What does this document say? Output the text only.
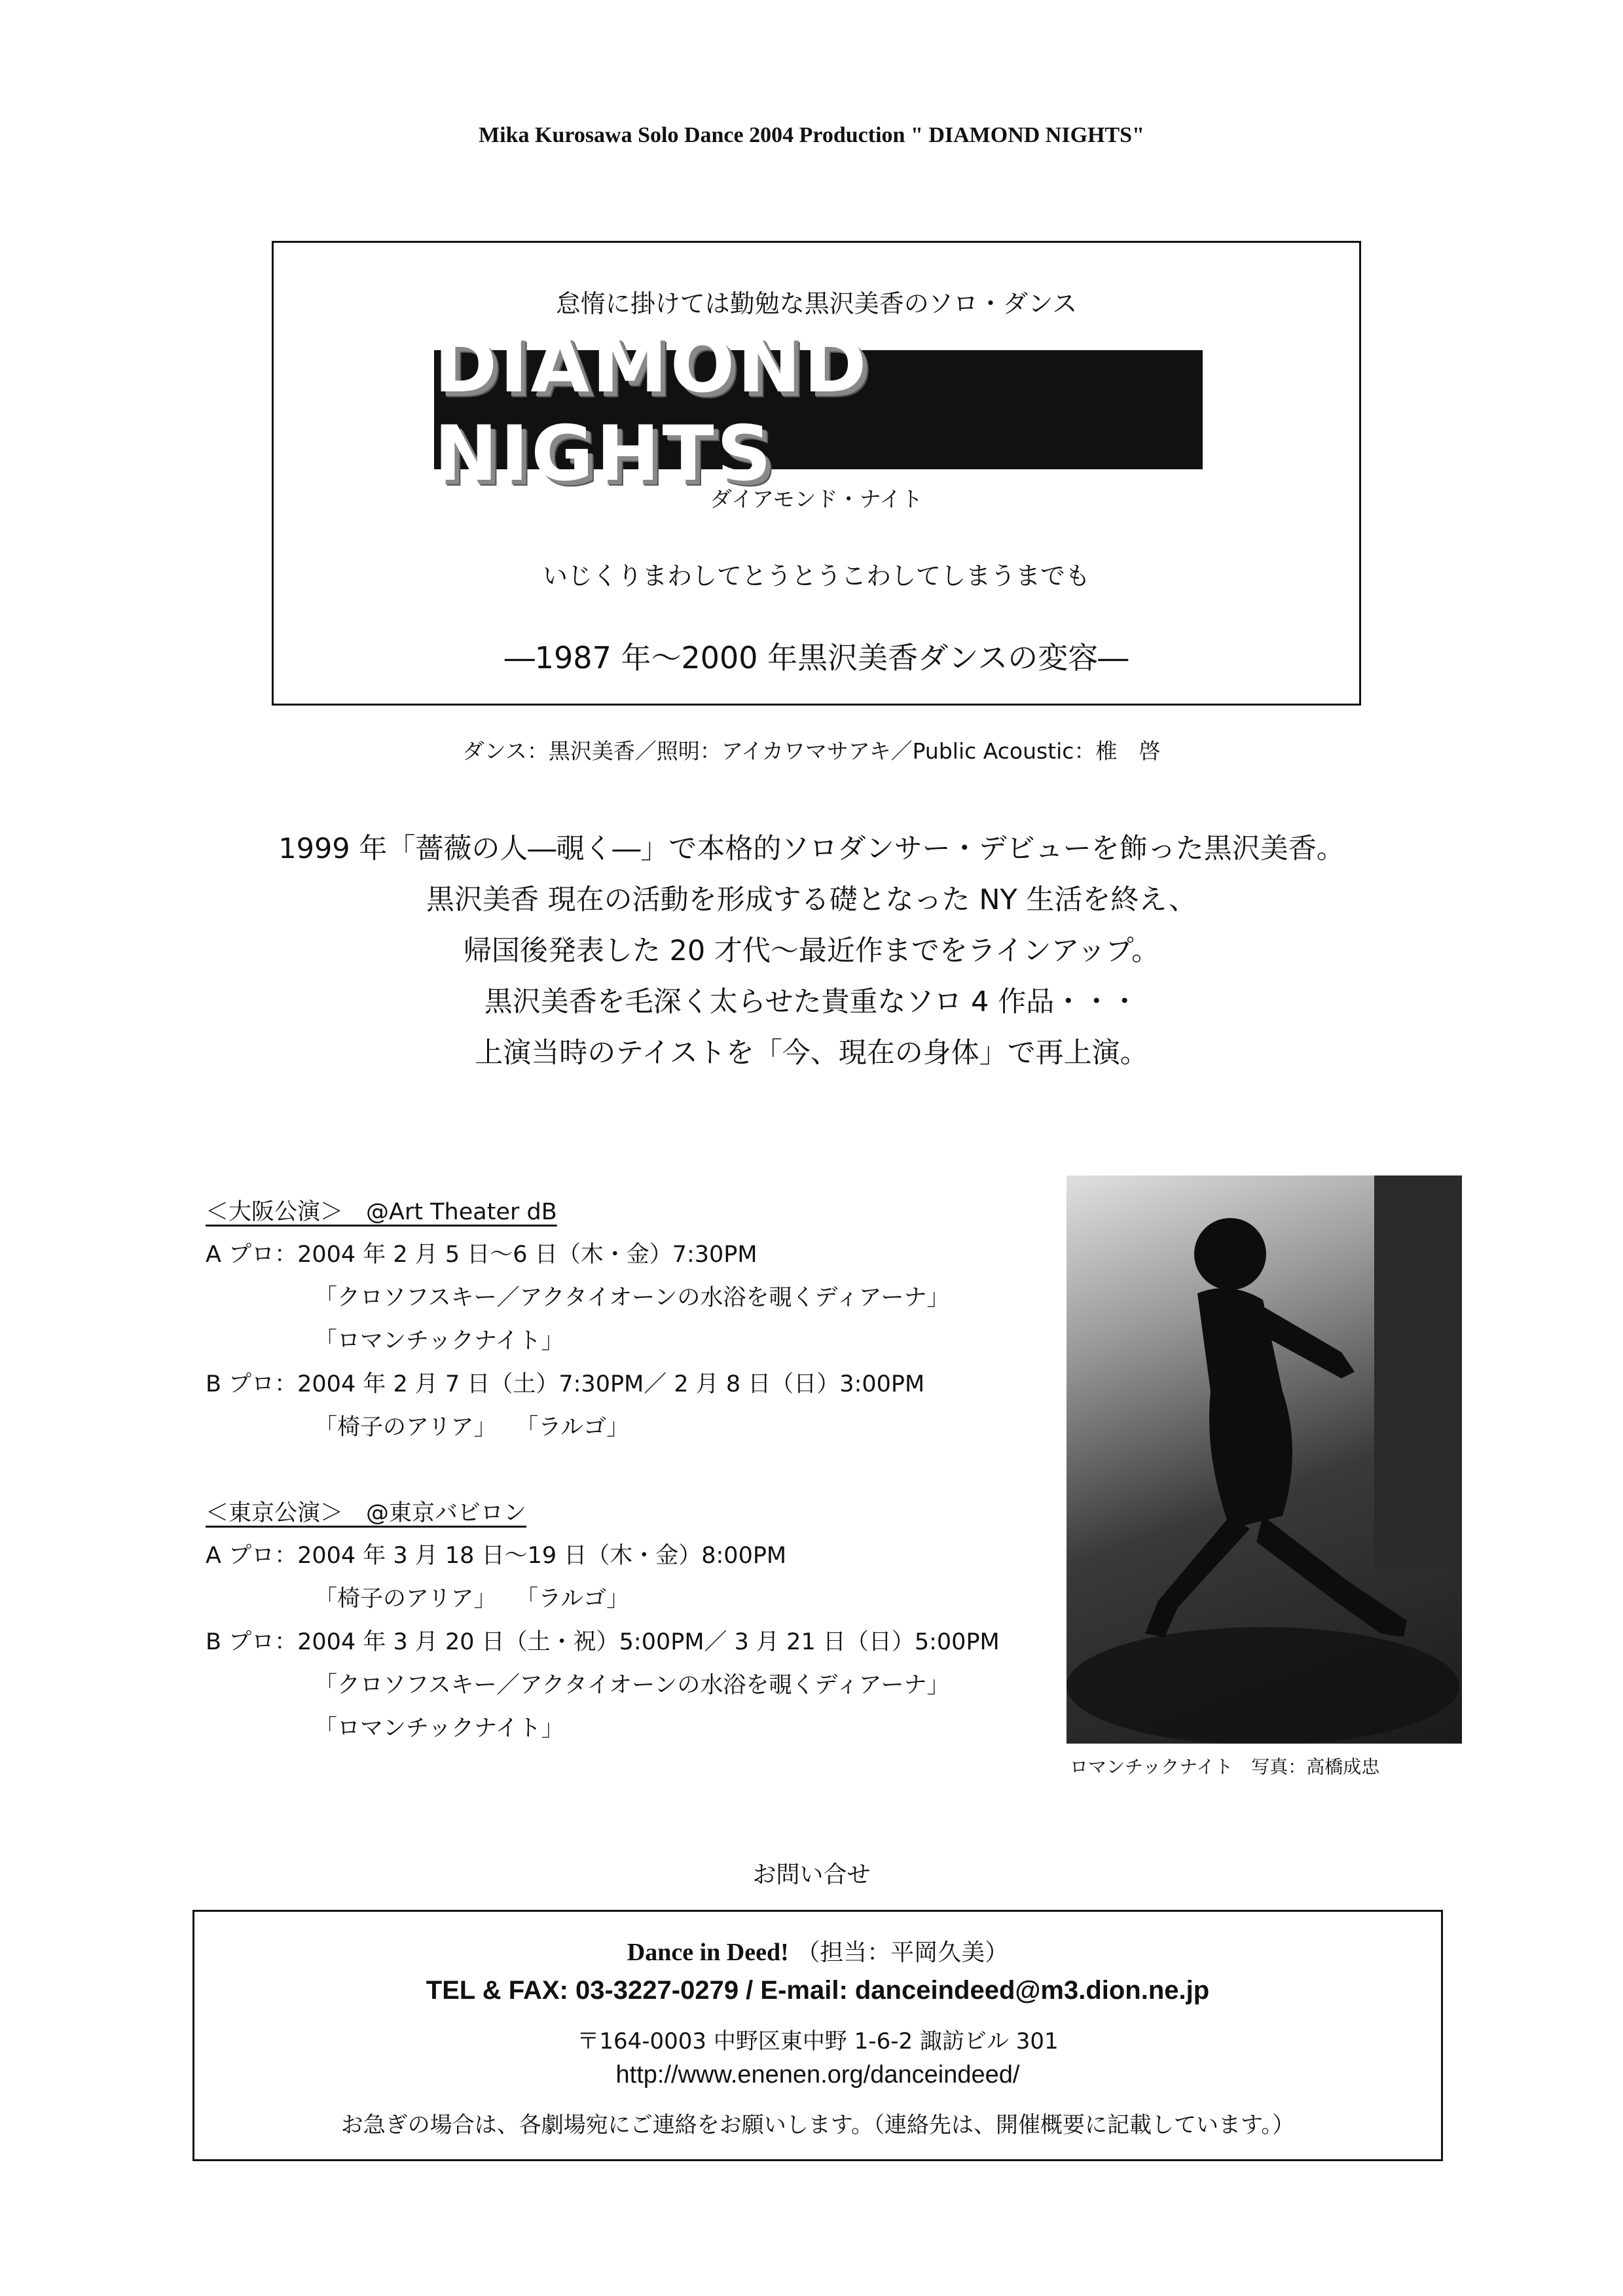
Mika Kurosawa Solo Dance 2004 Production " DIAMOND NIGHTS"
怠惰に掛けては勤勉な黒沢美香のソロ・ダンス
DIAMOND NIGHTS
ダイアモンド・ナイト
いじくりまわしてとうとうこわしてしまうまでも
―1987 年～2000 年黒沢美香ダンスの変容―
ダンス：黒沢美香／照明：アイカワマサアキ／Public Acoustic：椎　啓
1999 年「薔薇の人―覗く―」で本格的ソロダンサー・デビューを飾った黒沢美香。
黒沢美香 現在の活動を形成する礎となった NY 生活を終え、
帰国後発表した 20 才代～最近作までをラインアップ。
黒沢美香を毛深く太らせた貴重なソロ 4 作品・・・
上演当時のテイストを「今、現在の身体」で再上演。
＜大阪公演＞　@Art Theater dB
A プロ：2004 年 2 月 5 日～6 日（木・金）7:30PM
「クロソフスキー／アクタイオーンの水浴を覗くディアーナ」
「ロマンチックナイト」
B プロ：2004 年 2 月 7 日（土）7:30PM／ 2 月 8 日（日）3:00PM
「椅子のアリア」　 「ラルゴ」
＜東京公演＞　@東京バビロン
A プロ：2004 年 3 月 18 日～19 日（木・金）8:00PM
「椅子のアリア」　 「ラルゴ」
B プロ：2004 年 3 月 20 日（土・祝）5:00PM／ 3 月 21 日（日）5:00PM
「クロソフスキー／アクタイオーンの水浴を覗くディアーナ」
「ロマンチックナイト」
ロマンチックナイト　写真：高橋成忠
お問い合せ
Dance in Deed! （担当：平岡久美）
TEL & FAX: 03-3227-0279 / E-mail: danceindeed@m3.dion.ne.jp
〒164-0003 中野区東中野 1-6-2 諏訪ビル 301
http://www.enenen.org/danceindeed/
お急ぎの場合は、各劇場宛にご連絡をお願いします。（連絡先は、開催概要に記載しています。）
